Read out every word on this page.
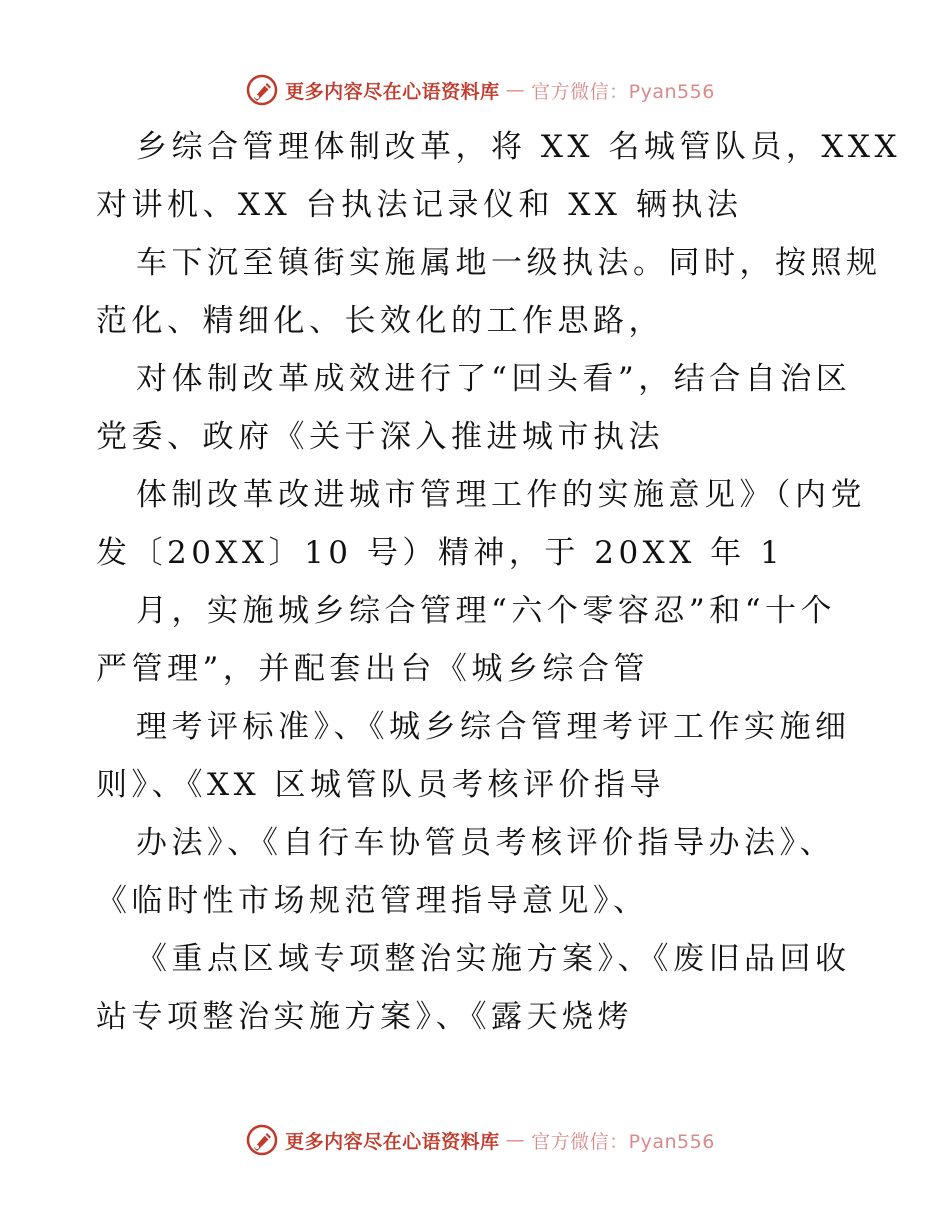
更多内容尽在心语资料库 — 官方微信：Pyan556
乡综合管理体制改革，将 XX 名城管队员，XXX
对讲机、XX 台执法记录仪和 XX 辆执法
车下沉至镇街实施属地一级执法。同时，按照规
范化、精细化、长效化的工作思路，
对体制改革成效进行了“回头看”，结合自治区
党委、政府《关于深入推进城市执法
体制改革改进城市管理工作的实施意见》（内党
发〔20XX〕10 号）精神，于 20XX 年 1
月，实施城乡综合管理“六个零容忍”和“十个
严管理”，并配套出台《城乡综合管
理考评标准》、《城乡综合管理考评工作实施细
则》、《XX 区城管队员考核评价指导
办法》、《自行车协管员考核评价指导办法》、
《临时性市场规范管理指导意见》、
《重点区域专项整治实施方案》、《废旧品回收
站专项整治实施方案》、《露天烧烤
更多内容尽在心语资料库 — 官方微信：Pyan556
